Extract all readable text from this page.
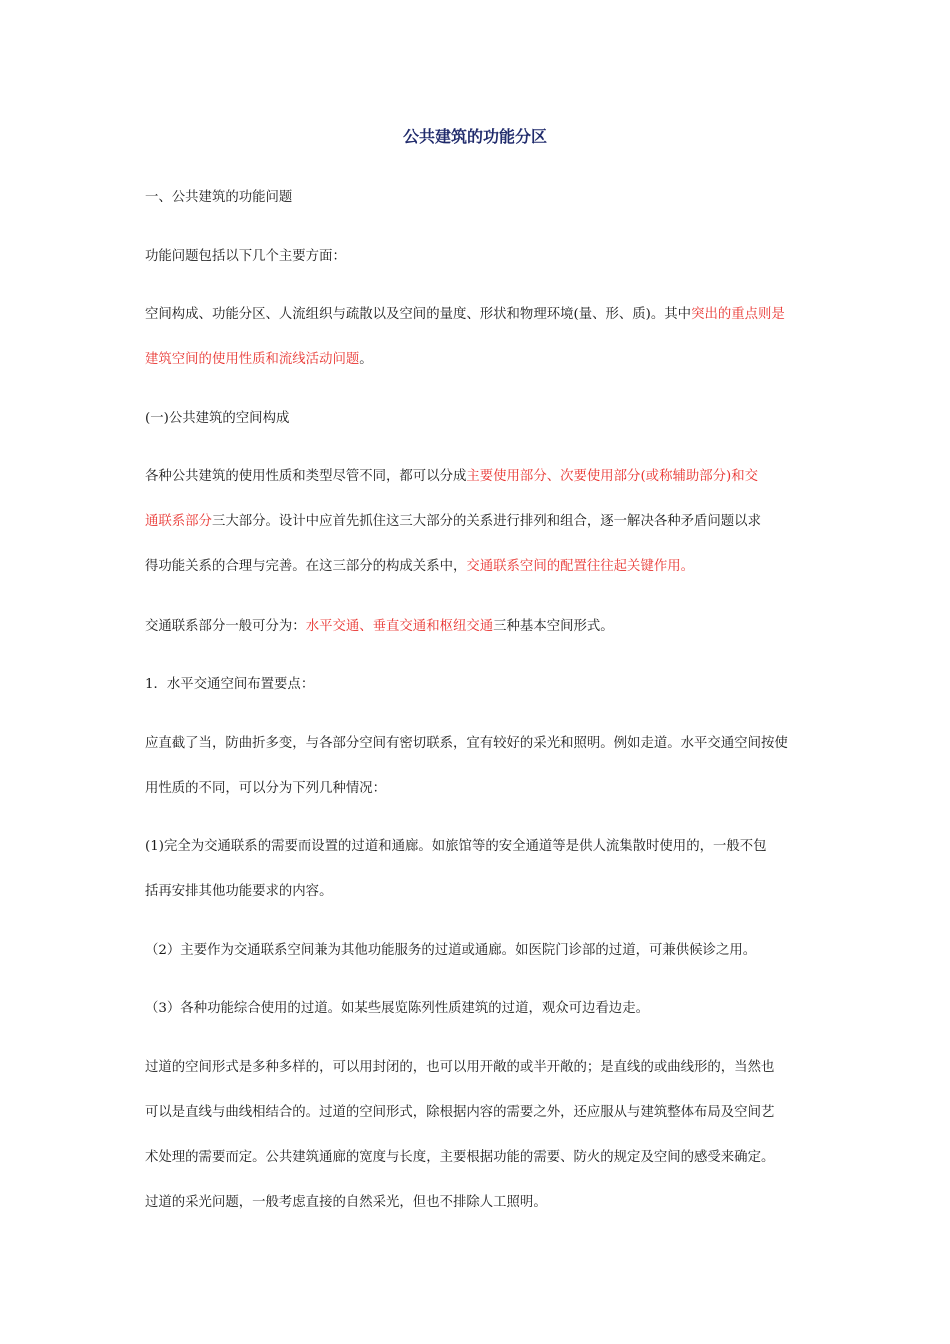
公共建筑的功能分区

一、公共建筑的功能问题

功能问题包括以下几个主要方面：

空间构成、功能分区、人流组织与疏散以及空间的量度、形状和物理环境(量、形、质)。其中突出的重点则是
建筑空间的使用性质和流线活动问题。

(一)公共建筑的空间构成

各种公共建筑的使用性质和类型尽管不同，都可以分成主要使用部分、次要使用部分(或称辅助部分)和交
通联系部分三大部分。设计中应首先抓住这三大部分的关系进行排列和组合，逐一解决各种矛盾问题以求
得功能关系的合理与完善。在这三部分的构成关系中，交通联系空间的配置往往起关键作用。

交通联系部分一般可分为：水平交通、垂直交通和枢纽交通三种基本空间形式。

1．水平交通空间布置要点：

应直截了当，防曲折多变，与各部分空间有密切联系，宜有较好的采光和照明。例如走道。水平交通空间按使
用性质的不同，可以分为下列几种情况：

(1)完全为交通联系的需要而设置的过道和通廊。如旅馆等的安全通道等是供人流集散时使用的，一般不包
括再安排其他功能要求的内容。

（2）主要作为交通联系空间兼为其他功能服务的过道或通廊。如医院门诊部的过道，可兼供候诊之用。

（3）各种功能综合使用的过道。如某些展览陈列性质建筑的过道，观众可边看边走。

过道的空间形式是多种多样的，可以用封闭的，也可以用开敞的或半开敞的；是直线的或曲线形的，当然也
可以是直线与曲线相结合的。过道的空间形式，除根据内容的需要之外，还应服从与建筑整体布局及空间艺
术处理的需要而定。公共建筑通廊的宽度与长度，主要根据功能的需要、防火的规定及空间的感受来确定。
过道的采光问题，一般考虑直接的自然采光，但也不排除人工照明。
